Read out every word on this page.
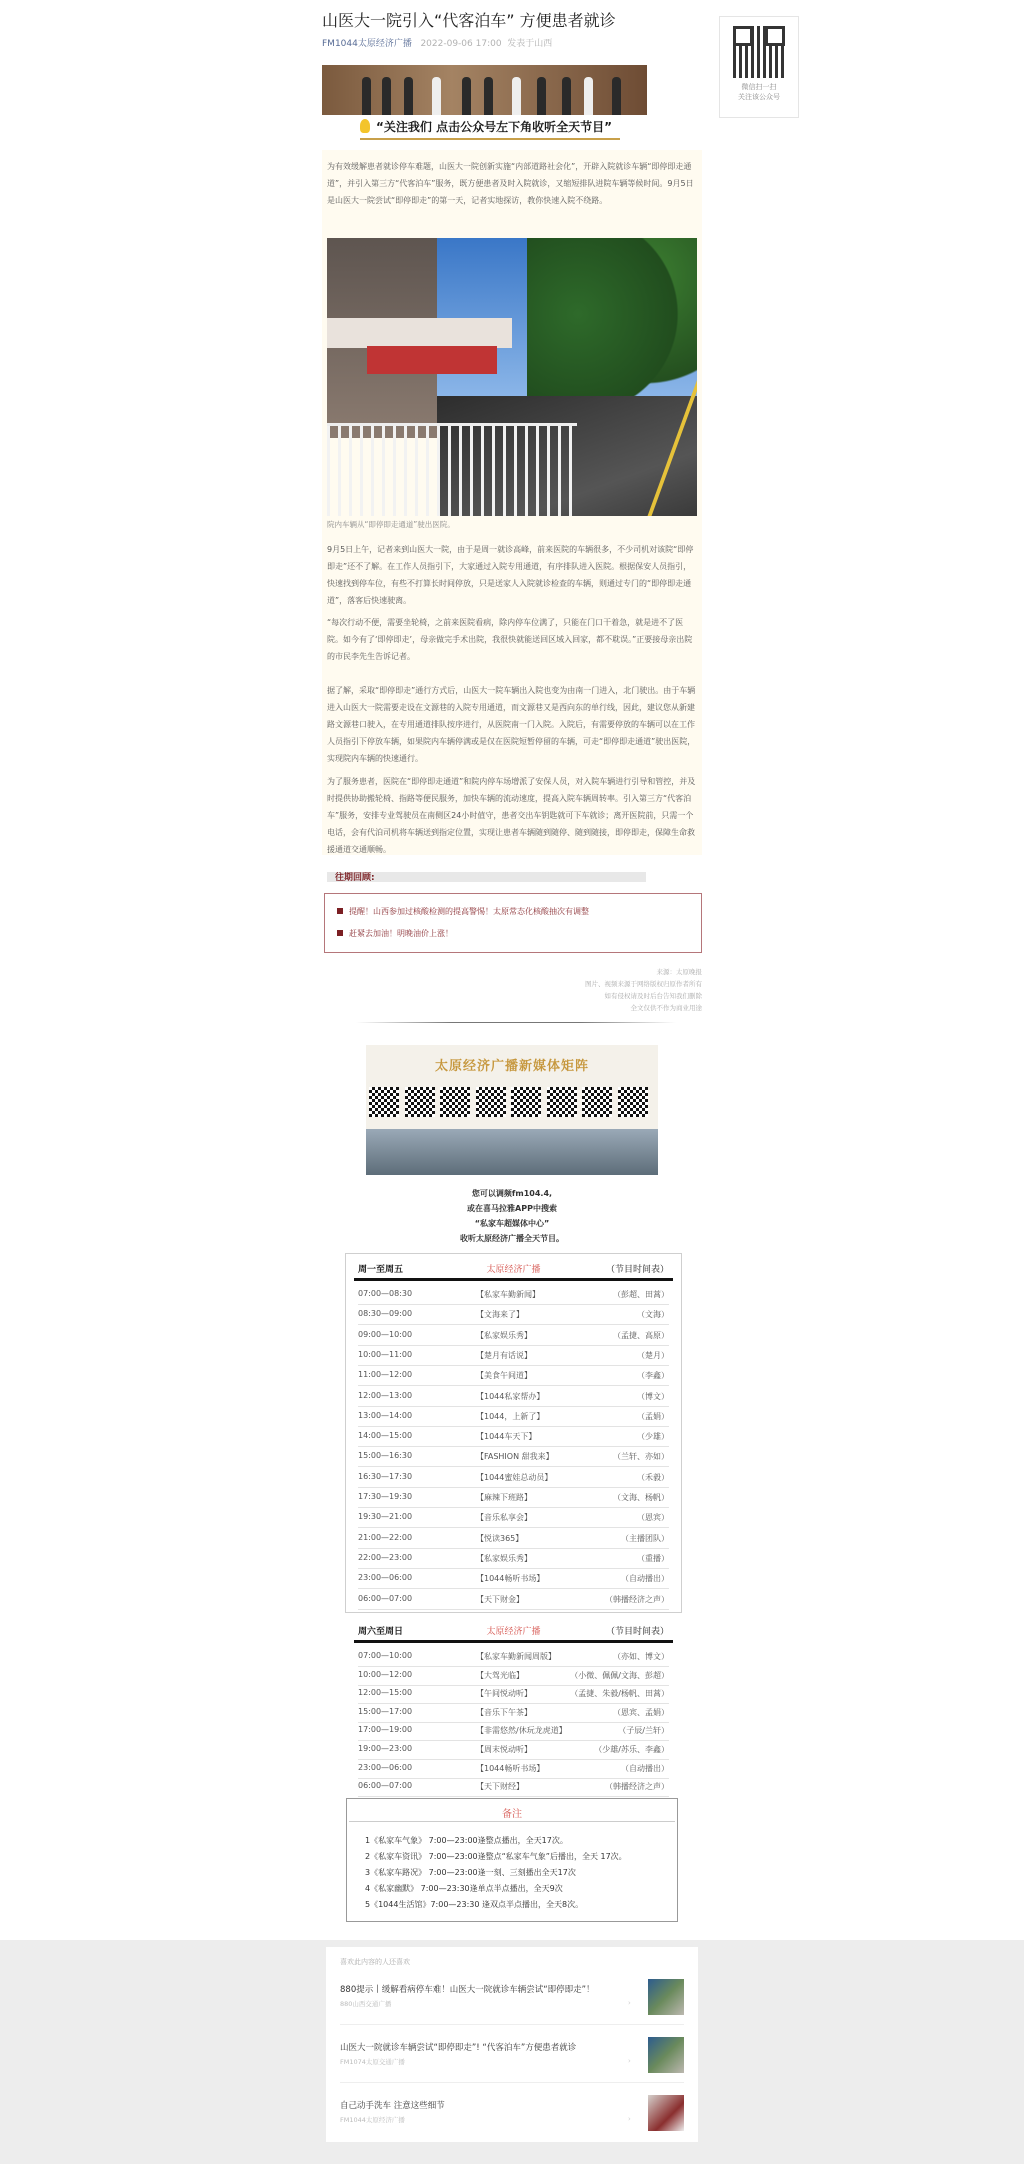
山医大一院引入“代客泊车” 方便患者就诊
FM1044太原经济广播 2022-09-06 17:00 发表于山西
微信扫一扫
关注该公众号
“关注我们 点击公众号左下角收听全天节目”

为有效缓解患者就诊停车难题，山医大一院创新实施“内部道路社会化”，开辟入院就诊车辆“即停即走通道”，并引入第三方“代客泊车”服务，既方便患者及时入院就诊，又缩短排队进院车辆等候时间。9月5日是山医大一院尝试“即停即走”的第一天，记者实地探访，教你快速入院不绕路。

院内车辆从“即停即走通道”驶出医院。

9月5日上午，记者来到山医大一院，由于是周一就诊高峰，前来医院的车辆很多，不少司机对该院“即停即走”还不了解。在工作人员指引下，大家通过入院专用通道，有序排队进入医院。根据保安人员指引，快速找到停车位，有些不打算长时间停放，只是送家人入院就诊检查的车辆，则通过专门的“即停即走通道”，落客后快速驶离。

“每次行动不便，需要坐轮椅，之前来医院看病，除内停车位满了，只能在门口干着急，就是进不了医院。如今有了‘即停即走’，母亲做完手术出院，我很快就能送回区域入回家，都不耽误。”正要接母亲出院的市民李先生告诉记者。

据了解，采取“即停即走”通行方式后，山医大一院车辆出入院也变为由南一门进入，北门驶出。由于车辆进入山医大一院需要走设在文源巷的入院专用通道，而文源巷又是西向东的单行线，因此，建议您从新建路文源巷口驶入，在专用通道排队按序进行，从医院南一门入院。入院后，有需要停放的车辆可以在工作人员指引下停放车辆，如果院内车辆停满或是仅在医院短暂停留的车辆，可走“即停即走通道”驶出医院，实现院内车辆的快速通行。

为了服务患者，医院在“即停即走通道”和院内停车场增派了安保人员，对入院车辆进行引导和管控，并及时提供协助搬轮椅、指路等便民服务，加快车辆的流动速度，提高入院车辆周转率。引入第三方“代客泊车”服务，安排专业驾驶员在南侧区24小时值守，患者交出车钥匙就可下车就诊；离开医院前，只需一个电话，会有代泊司机将车辆送到指定位置，实现让患者车辆随到随停、随到随接，即停即走，保障生命救援通道交通顺畅。

往期回顾:
提醒！山西参加过核酸检测的提高警惕！太原常态化核酸抽次有调整
赶紧去加油！明晚油价上涨！
来源：太原晚报
图片、视频来源于网络版权归原作者所有
如有侵权请及时后台告知我们删除
全文仅供不作为商业用途
太原经济广播新媒体矩阵
您可以调频fm104.4,
或在喜马拉雅APP中搜索
“私家车超媒体中心”
收听太原经济广播全天节目。
周一至周五	太原经济广播	（节目时间表）
07:00—08:30	【私家车勤新闻】	（彭超、田蒿）
08:30—09:00	【文海来了】	（文海）
09:00—10:00	【私家娱乐秀】	（孟捷、高原）
10:00—11:00	【楚月有话说】	（楚月）
11:00—12:00	【美食午间道】	（李鑫）
12:00—13:00	【1044私家帮办】	（博文）
13:00—14:00	【1044，上新了】	（孟娟）
14:00—15:00	【1044车天下】	（少雄）
15:00—16:30	【FASHION 甜我来】	（兰轩、亦如）
16:30—17:30	【1044蜜娃总动员】	（禾毅）
17:30—19:30	【麻辣下班路】	（文海、杨帆）
19:30—21:00	【音乐私享会】	（恩宾）
21:00—22:00	【悦读365】	（主播团队）
22:00—23:00	【私家娱乐秀】	（重播）
23:00—06:00	【1044畅听书场】	（自动播出）
06:00—07:00	【天下财金】	（韩播经济之声）
周六至周日	太原经济广播	（节目时间表）
07:00—10:00	【私家车勤新闻周版】	（亦如、博文）
10:00—12:00	【大驾光临】	（小微、佩佩/文海、彭超）
12:00—15:00	【午间悦动听】	（孟捷、朱毅/杨帆、田蒿）
15:00—17:00	【音乐下午茶】	（恩宾、孟娟）
17:00—19:00	【非需悠然/休玩龙虎道】	（子辰/兰轩）
19:00—23:00	【周末悦动听】	（少雄/苏乐、李鑫）
23:00—06:00	【1044畅听书场】	（自动播出）
06:00—07:00	【天下财经】	（韩播经济之声）
备注
1《私家车气象》 7:00—23:00逢整点播出，全天17次。
2《私家车资讯》 7:00—23:00逢整点“私家车气象”后播出，全天 17次。
3《私家车路况》 7:00—23:00逢一刻、三刻播出全天17次
4《私家幽默》 7:00—23:30逢单点半点播出，全天9次
5《1044生活馆》7:00—23:30 逢双点半点播出，全天8次。
喜欢此内容的人还喜欢
880提示丨缓解看病停车难！山医大一院就诊车辆尝试“即停即走”！
880山西交通广播	›
山医大一院就诊车辆尝试“即停即走”! “代客泊车”方便患者就诊
FM1074太原交通广播	›
自己动手洗车 注意这些细节
FM1044太原经济广播	›
